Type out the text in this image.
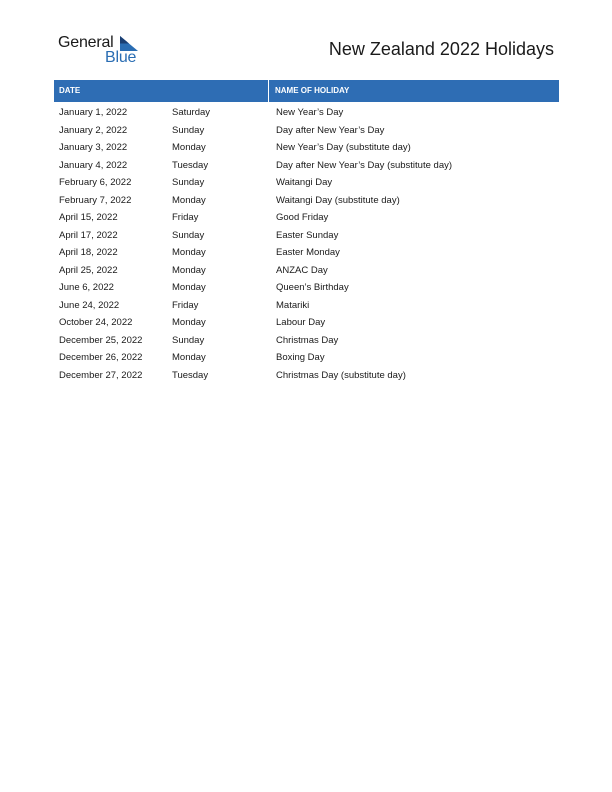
General
Blue	New Zealand 2022 Holidays
DATE	NAME OF HOLIDAY
January 1, 2022	Saturday	New Year’s Day
January 2, 2022	Sunday	Day after New Year’s Day
January 3, 2022	Monday	New Year’s Day (substitute day)
January 4, 2022	Tuesday	Day after New Year’s Day (substitute day)
February 6, 2022	Sunday	Waitangi Day
February 7, 2022	Monday	Waitangi Day (substitute day)
April 15, 2022	Friday	Good Friday
April 17, 2022	Sunday	Easter Sunday
April 18, 2022	Monday	Easter Monday
April 25, 2022	Monday	ANZAC Day
June 6, 2022	Monday	Queen’s Birthday
June 24, 2022	Friday	Matariki
October 24, 2022	Monday	Labour Day
December 25, 2022	Sunday	Christmas Day
December 26, 2022	Monday	Boxing Day
December 27, 2022	Tuesday	Christmas Day (substitute day)
